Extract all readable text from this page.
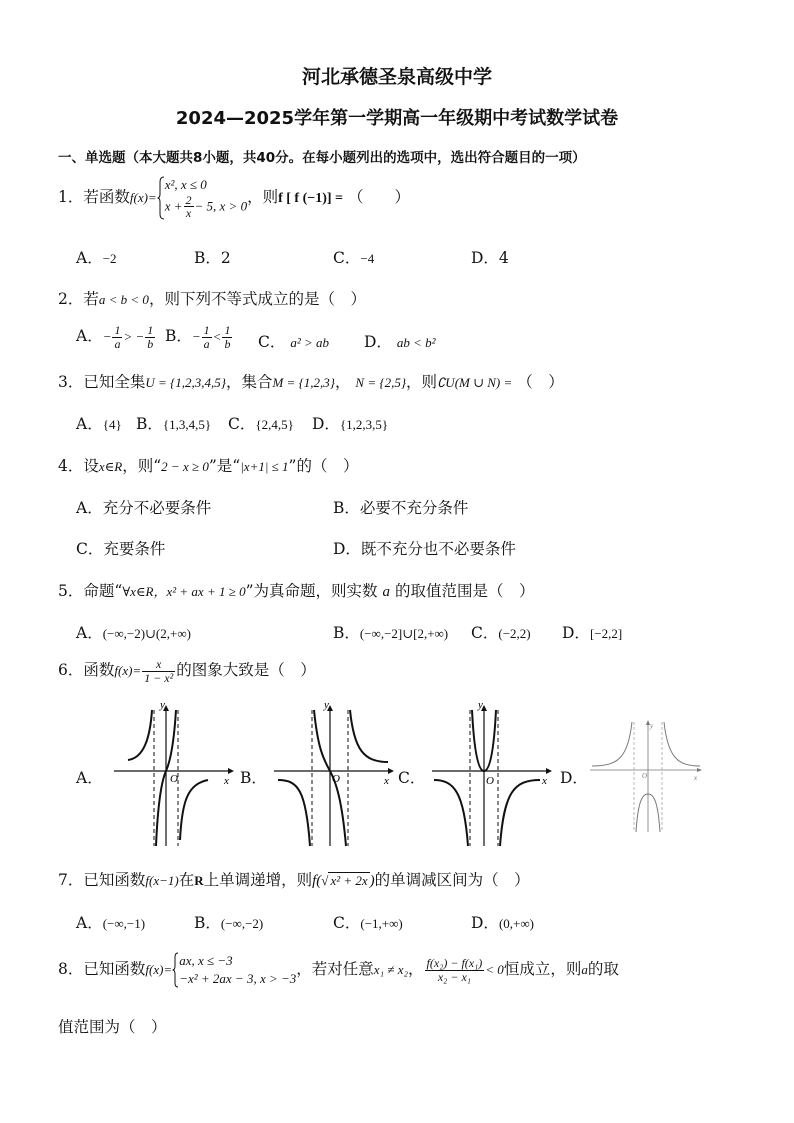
河北承德圣泉高级中学
2024—2025学年第一学期高一年级期中考试数学试卷
一、单选题（本大题共8小题，共40分。在每小题列出的选项中，选出符合题目的一项）
1．若函数f(x)=
x², x ≤ 0
$x + \frac{2}{x} - 5$, x > 0 ，则f [ f (−1)] = （　　）
A．−2	B．2	C．−4	D．4
2．若a < b < 0，则下列不等式成立的是（　）
A．− $\frac{1}{a}$ > − $\frac{1}{b}$ B．− $\frac{1}{a} < \frac{1}{b}$ C． a² > ab D． ab < b²
3．已知全集U = {1,2,3,4,5}，集合M = {1,2,3}， N = {2,5}，则∁U(M ∪ N) = （　）
A．{4} B．{1,3,4,5} C．{2,4,5} D．{1,2,3,5}
4．设x∈R，则“2 − x ≥ 0”是“|x+1| ≤ 1”的（　）
A．充分不必要条件	B．必要不充分条件
C．充要条件	D．既不充分也不必要条件
5．命题“∀x∈R，x² + ax + 1 ≥ 0”为真命题，则实数 a 的取值范围是（　）
A．(−∞,−2)∪(2,+∞)	B．(−∞,−2]∪[2,+∞) C．(−2,2) D．[−2,2]
6．函数$f(x)= \frac{x}{\text{1 − x²}}$ 的图象大致是（　）
A．	B．	C．	D．
y
x
O
y
x
O
y
x
O
y
x
O
7．已知函数f(x−1)在R上单调递增，则f(√ x² + 2x )的单调减区间为（　）
A．(−∞,−1)	B．(−∞,−2)	C．(−1,+∞)	D．(0,+∞)
8．已知函数f(x)=
ax, x ≤ −3
−x² + 2ax − 3, x > −3
，若对任意x₁ ≠ x₂， $\frac{\text{f(x₂) − f(x₁)}}{\text{x₂ − x₁}} < 0$恒成立，则a的取
值范围为（　）
